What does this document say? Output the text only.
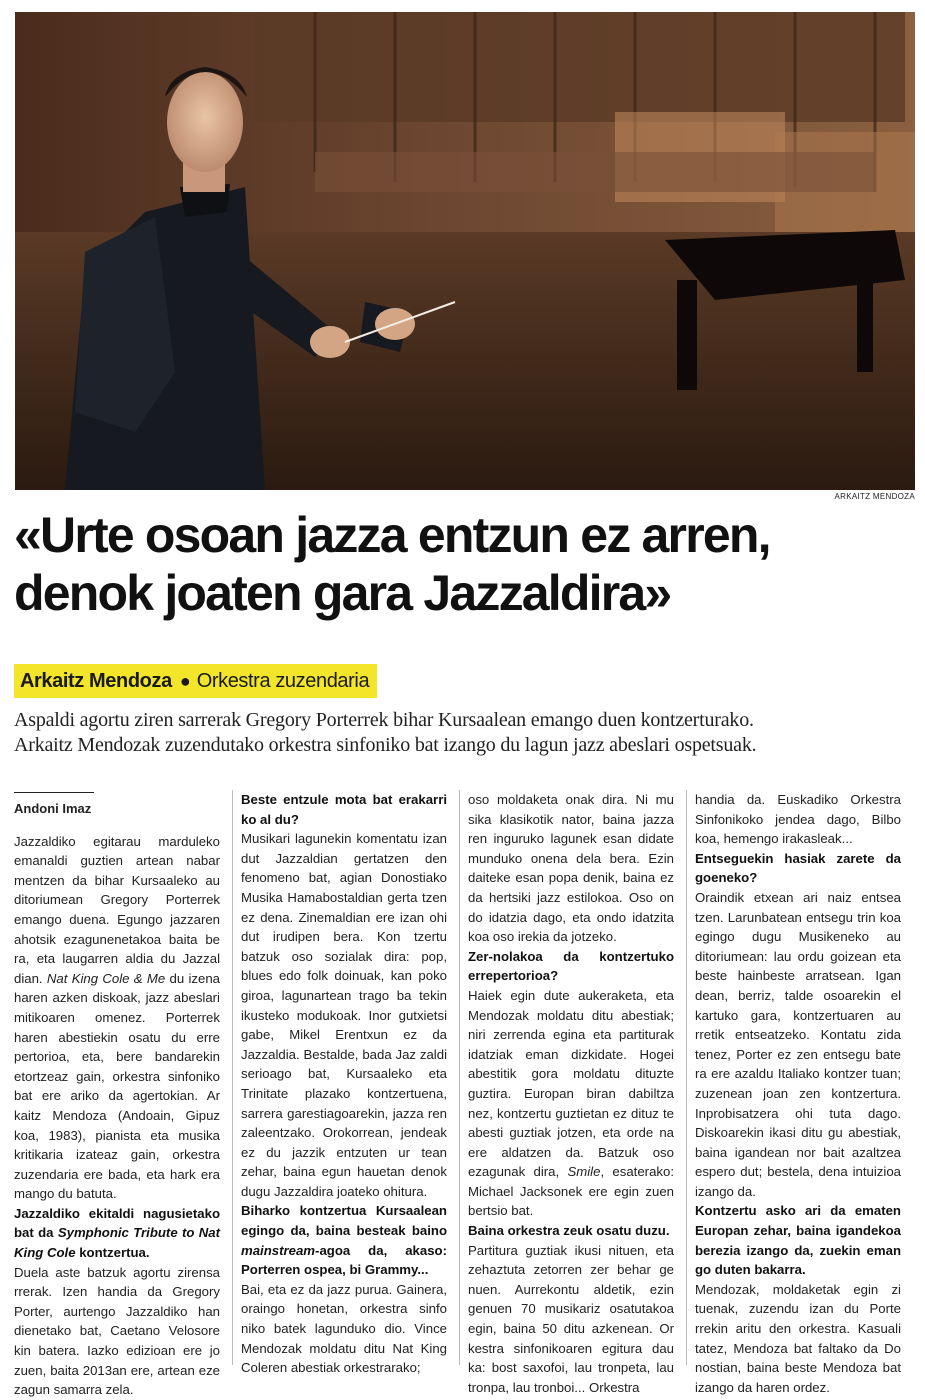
ARKAITZ MENDOZA
«Urte osoan jazza entzun ez arren,
denok joaten gara Jazzaldira»
Arkaitz Mendoza ● Orkestra zuzendaria

Aspaldi agortu ziren sarrerak Gregory Porterrek bihar Kursaalean emango duen kontzerturako.
Arkaitz Mendozak zuzendutako orkestra sinfoniko bat izango du lagun jazz abeslari ospetsuak.

Andoni Imaz

Jazzaldiko egitarau marduleko emanaldi guztien artean nabar mentzen da bihar Kursaaleko au ditoriumean Gregory Porterrek emango duena. Egungo jazzaren ahotsik ezagunenetakoa baita be ra, eta laugarren aldia du Jazzal dian. Nat King Cole & Me du izena haren azken diskoak, jazz abeslari mitikoaren omenez. Porterrek haren abestiekin osatu du erre pertorioa, eta, bere bandarekin etortzeaz gain, orkestra sinfoniko bat ere ariko da agertokian. Ar kaitz Mendoza (Andoain, Gipuz koa, 1983), pianista eta musika kritikaria izateaz gain, orkestra zuzendaria ere bada, eta hark era mango du batuta.

Jazzaldiko ekitaldi nagusietako bat da Symphonic Tribute to Nat King Cole kontzertua.

Duela aste batzuk agortu zirensa rrerak. Izen handia da Gregory Porter, aurtengo Jazzaldiko han dienetako bat, Caetano Velosore kin batera. Iazko edizioan ere jo zuen, baita 2013an ere, artean eze zagun samarra zela.

Beste entzule mota bat erakarri ko al du?

Musikari lagunekin komentatu izan dut Jazzaldian gertatzen den fenomeno bat, agian Donostiako Musika Hamabostaldian gerta tzen ez dena. Zinemaldian ere izan ohi dut irudipen bera. Kon tzertu batzuk oso sozialak dira: pop, blues edo folk doinuak, kan poko giroa, lagunartean trago ba tekin ikusteko modukoak. Inor gutxietsi gabe, Mikel Erentxun ez da Jazzaldia. Bestalde, bada Jaz zaldi serioago bat, Kursaaleko eta Trinitate plazako kontzertuena, sarrera garestiagoarekin, jazza ren zaleentzako. Orokorrean, jendeak ez du jazzik entzuten ur tean zehar, baina egun hauetan denok dugu Jazzaldira joateko ohitura.

Biharko kontzertua Kursaalean egingo da, baina besteak baino mainstream-agoa da, akaso: Porterren ospea, bi Grammy...

Bai, eta ez da jazz purua. Gainera, oraingo honetan, orkestra sinfo niko batek lagunduko dio. Vince Mendozak moldatu ditu Nat King Coleren abestiak orkestrarako;

oso moldaketa onak dira. Ni mu sika klasikotik nator, baina jazza ren inguruko lagunek esan didate munduko onena dela bera. Ezin daiteke esan popa denik, baina ez da hertsiki jazz estilokoa. Oso on do idatzia dago, eta ondo idatzita koa oso irekia da jotzeko.

Zer-nolakoa da kontzertuko errepertorioa?

Haiek egin dute aukeraketa, eta Mendozak moldatu ditu abestiak; niri zerrenda egina eta partiturak idatziak eman dizkidate. Hogei abestitik gora moldatu dituzte guztira. Europan biran dabiltza nez, kontzertu guztietan ez dituz te abesti guztiak jotzen, eta orde na ere aldatzen da. Batzuk oso ezagunak dira, Smile, esaterako: Michael Jacksonek ere egin zuen bertsio bat.

Baina orkestra zeuk osatu duzu.

Partitura guztiak ikusi nituen, eta zehaztuta zetorren zer behar ge nuen. Aurrekontu aldetik, ezin genuen 70 musikariz osatutakoa egin, baina 50 ditu azkenean. Or kestra sinfonikoaren egitura dau ka: bost saxofoi, lau tronpeta, lau tronpa, lau tronboi... Orkestra

handia da. Euskadiko Orkestra Sinfonikoko jendea dago, Bilbo koa, hemengo irakasleak...

Entseguekin hasiak zarete da goeneko?

Oraindik etxean ari naiz entsea tzen. Larunbatean entsegu trin koa egingo dugu Musikeneko au ditoriumean: lau ordu goizean eta beste hainbeste arratsean. Igan dean, berriz, talde osoarekin el kartuko gara, kontzertuaren au rretik entseatzeko. Kontatu zida tenez, Porter ez zen entsegu bate ra ere azaldu Italiako kontzer tuan; zuzenean joan zen kontzertura. Inprobisatzera ohi tuta dago. Diskoarekin ikasi ditu gu abestiak, baina igandean nor bait azaltzea espero dut; bestela, dena intuizioa izango da.

Kontzertu asko ari da ematen Europan zehar, baina igandekoa berezia izango da, zuekin eman go duten bakarra.

Mendozak, moldaketak egin zi tuenak, zuzendu izan du Porte rrekin aritu den orkestra. Kasuali tatez, Mendoza bat faltako da Do nostian, baina beste Mendoza bat izango da haren ordez.
